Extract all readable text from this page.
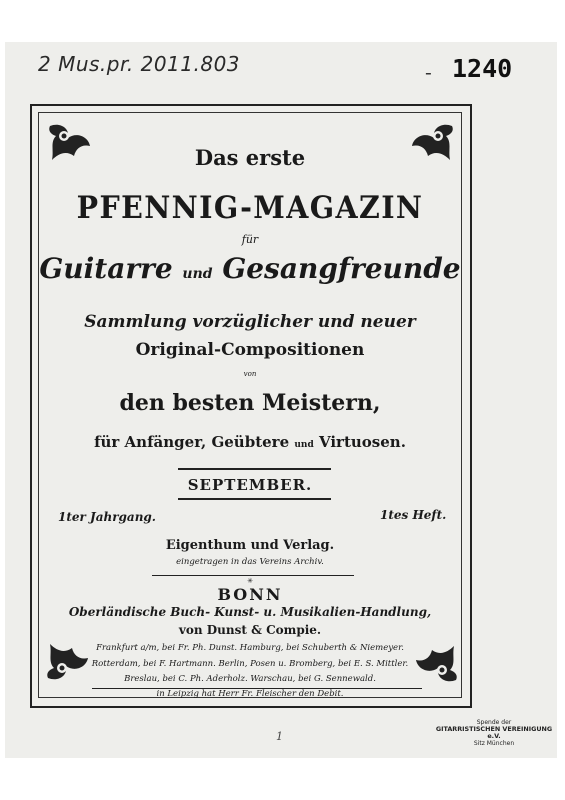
2 Mus.pr. 2011.803	‐ 1240
Das erste
PFENNIG-MAGAZIN
für
Guitarre und Gesangfreunde
Sammlung vorzüglicher und neuer
Original-Compositionen
von
den besten Meistern,
für Anfänger, Geübtere und Virtuosen.
SEPTEMBER.
1ter Jahrgang.	1tes Heft.
Eigenthum und Verlag.
eingetragen in das Vereins Archiv.
✳
BONN
Oberländische Buch- Kunst- u. Musikalien-Handlung,
von Dunst & Compie.
Frankfurt a/m, bei Fr. Ph. Dunst. Hamburg, bei Schuberth & Niemeyer.
Rotterdam, bei F. Hartmann. Berlin, Posen u. Bromberg, bei E. S. Mittler.
Breslau, bei C. Ph. Aderholz. Warschau, bei G. Sennewald.
in Leipzig hat Herr Fr. Fleischer den Debit.
1
Spende der
GITARRISTISCHEN VEREINIGUNG e.V.
Sitz München
